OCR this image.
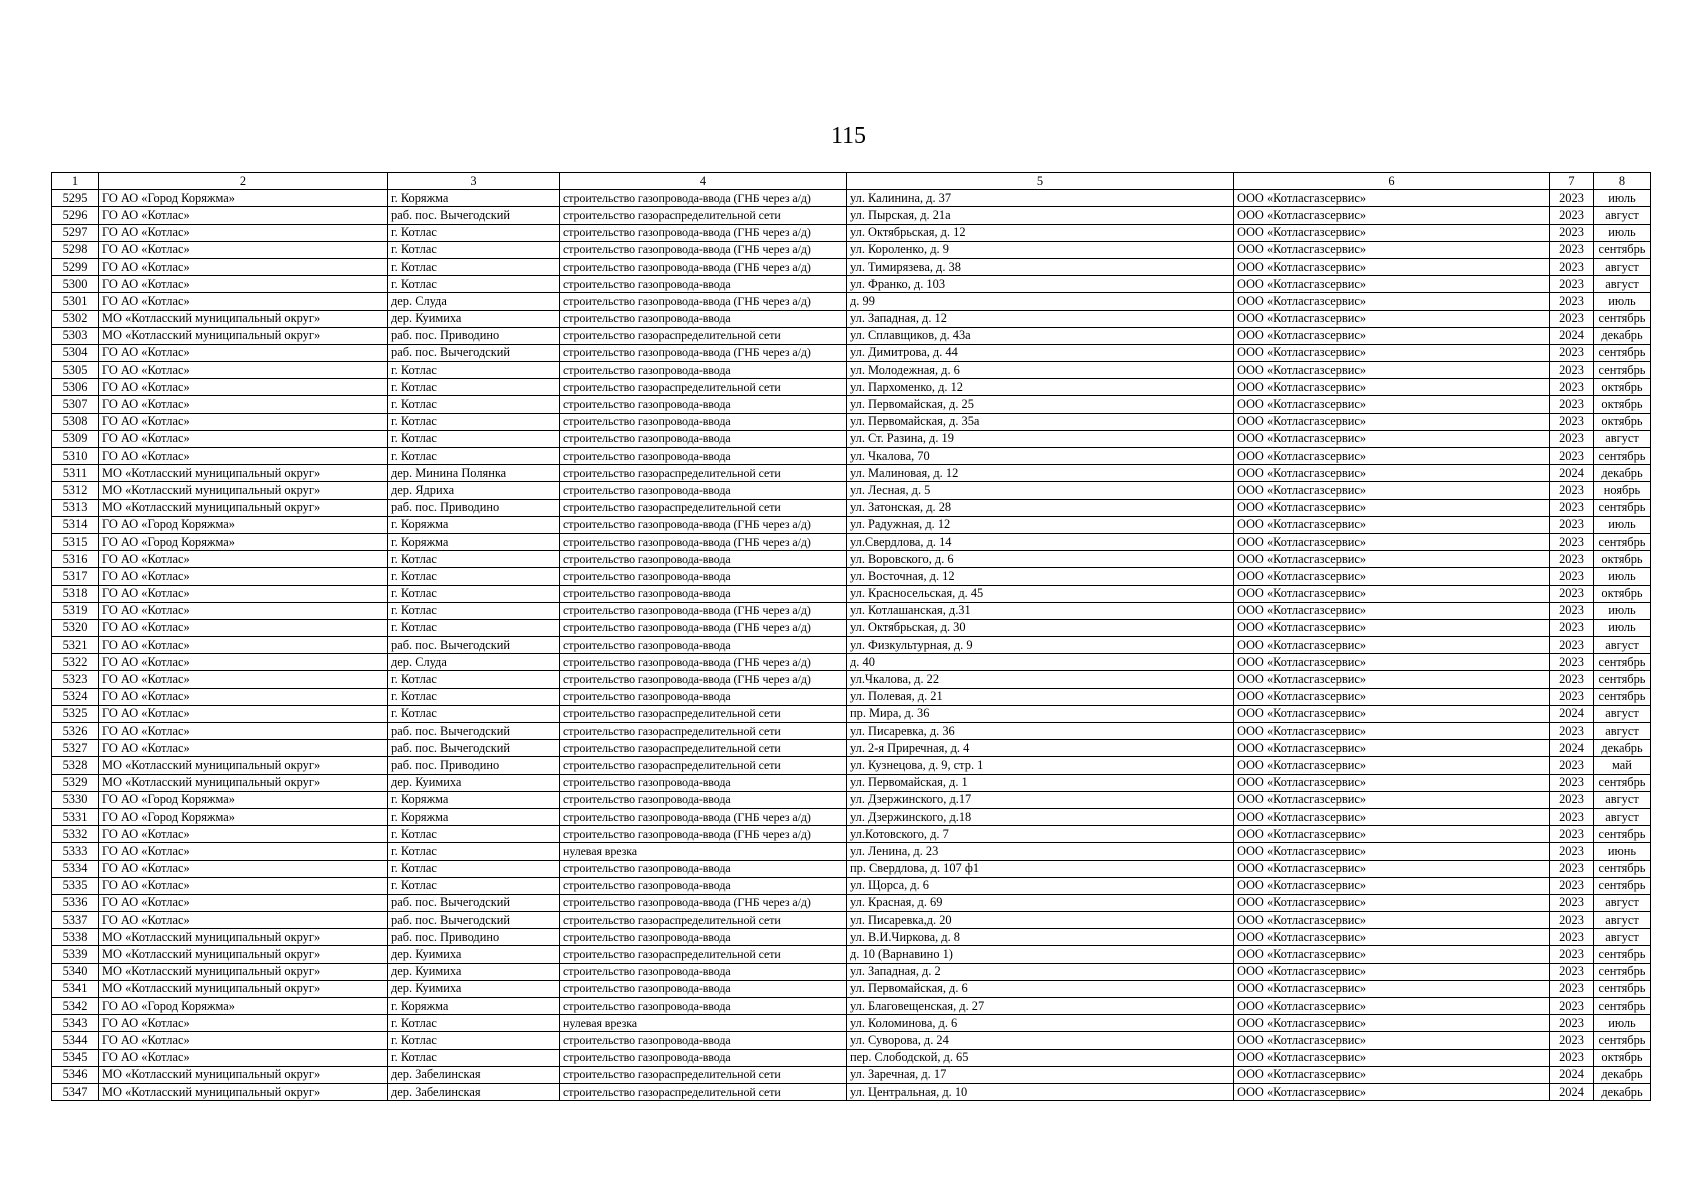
115
1	2	3	4	5	6	7	8
5295	ГО АО «Город Коряжма»	г. Коряжма	строительство газопровода-ввода (ГНБ через а/д)	ул. Калинина, д. 37	ООО «Котласгазсервис»	2023	июль
5296	ГО АО «Котлас»	раб. пос. Вычегодский	строительство газораспределительной сети	ул. Пырская, д. 21а	ООО «Котласгазсервис»	2023	август
5297	ГО АО «Котлас»	г. Котлас	строительство газопровода-ввода (ГНБ через а/д)	ул. Октябрьская, д. 12	ООО «Котласгазсервис»	2023	июль
5298	ГО АО «Котлас»	г. Котлас	строительство газопровода-ввода (ГНБ через а/д)	ул. Короленко, д. 9	ООО «Котласгазсервис»	2023	сентябрь
5299	ГО АО «Котлас»	г. Котлас	строительство газопровода-ввода (ГНБ через а/д)	ул. Тимирязева, д. 38	ООО «Котласгазсервис»	2023	август
5300	ГО АО «Котлас»	г. Котлас	строительство газопровода-ввода	ул. Франко, д. 103	ООО «Котласгазсервис»	2023	август
5301	ГО АО «Котлас»	дер. Слуда	строительство газопровода-ввода (ГНБ через а/д)	д. 99	ООО «Котласгазсервис»	2023	июль
5302	МО «Котласский муниципальный округ»	дер. Куимиха	строительство газопровода-ввода	ул. Западная, д. 12	ООО «Котласгазсервис»	2023	сентябрь
5303	МО «Котласский муниципальный округ»	раб. пос. Приводино	строительство газораспределительной сети	ул. Сплавщиков, д. 43а	ООО «Котласгазсервис»	2024	декабрь
5304	ГО АО «Котлас»	раб. пос. Вычегодский	строительство газопровода-ввода (ГНБ через а/д)	ул. Димитрова, д. 44	ООО «Котласгазсервис»	2023	сентябрь
5305	ГО АО «Котлас»	г. Котлас	строительство газопровода-ввода	ул. Молодежная, д. 6	ООО «Котласгазсервис»	2023	сентябрь
5306	ГО АО «Котлас»	г. Котлас	строительство газораспределительной сети	ул. Пархоменко, д. 12	ООО «Котласгазсервис»	2023	октябрь
5307	ГО АО «Котлас»	г. Котлас	строительство газопровода-ввода	ул. Первомайская, д. 25	ООО «Котласгазсервис»	2023	октябрь
5308	ГО АО «Котлас»	г. Котлас	строительство газопровода-ввода	ул. Первомайская, д. 35а	ООО «Котласгазсервис»	2023	октябрь
5309	ГО АО «Котлас»	г. Котлас	строительство газопровода-ввода	ул. Ст. Разина, д. 19	ООО «Котласгазсервис»	2023	август
5310	ГО АО «Котлас»	г. Котлас	строительство газопровода-ввода	ул. Чкалова, 70	ООО «Котласгазсервис»	2023	сентябрь
5311	МО «Котласский муниципальный округ»	дер. Минина Полянка	строительство газораспределительной сети	ул. Малиновая, д. 12	ООО «Котласгазсервис»	2024	декабрь
5312	МО «Котласский муниципальный округ»	дер. Ядриха	строительство газопровода-ввода	ул. Лесная, д. 5	ООО «Котласгазсервис»	2023	ноябрь
5313	МО «Котласский муниципальный округ»	раб. пос. Приводино	строительство газораспределительной сети	ул. Затонская, д. 28	ООО «Котласгазсервис»	2023	сентябрь
5314	ГО АО «Город Коряжма»	г. Коряжма	строительство газопровода-ввода (ГНБ через а/д)	ул. Радужная, д. 12	ООО «Котласгазсервис»	2023	июль
5315	ГО АО «Город Коряжма»	г. Коряжма	строительство газопровода-ввода (ГНБ через а/д)	ул.Свердлова, д. 14	ООО «Котласгазсервис»	2023	сентябрь
5316	ГО АО «Котлас»	г. Котлас	строительство газопровода-ввода	ул. Воровского, д. 6	ООО «Котласгазсервис»	2023	октябрь
5317	ГО АО «Котлас»	г. Котлас	строительство газопровода-ввода	ул. Восточная, д. 12	ООО «Котласгазсервис»	2023	июль
5318	ГО АО «Котлас»	г. Котлас	строительство газопровода-ввода	ул. Красносельская, д. 45	ООО «Котласгазсервис»	2023	октябрь
5319	ГО АО «Котлас»	г. Котлас	строительство газопровода-ввода (ГНБ через а/д)	ул. Котлашанская, д.31	ООО «Котласгазсервис»	2023	июль
5320	ГО АО «Котлас»	г. Котлас	строительство газопровода-ввода (ГНБ через а/д)	ул. Октябрьская, д. 30	ООО «Котласгазсервис»	2023	июль
5321	ГО АО «Котлас»	раб. пос. Вычегодский	строительство газопровода-ввода	ул. Физкультурная, д. 9	ООО «Котласгазсервис»	2023	август
5322	ГО АО «Котлас»	дер. Слуда	строительство газопровода-ввода (ГНБ через а/д)	д. 40	ООО «Котласгазсервис»	2023	сентябрь
5323	ГО АО «Котлас»	г. Котлас	строительство газопровода-ввода (ГНБ через а/д)	ул.Чкалова, д. 22	ООО «Котласгазсервис»	2023	сентябрь
5324	ГО АО «Котлас»	г. Котлас	строительство газопровода-ввода	ул. Полевая, д. 21	ООО «Котласгазсервис»	2023	сентябрь
5325	ГО АО «Котлас»	г. Котлас	строительство газораспределительной сети	пр. Мира, д. 36	ООО «Котласгазсервис»	2024	август
5326	ГО АО «Котлас»	раб. пос. Вычегодский	строительство газораспределительной сети	ул. Писаревка, д. 36	ООО «Котласгазсервис»	2023	август
5327	ГО АО «Котлас»	раб. пос. Вычегодский	строительство газораспределительной сети	ул. 2-я Приречная, д. 4	ООО «Котласгазсервис»	2024	декабрь
5328	МО «Котласский муниципальный округ»	раб. пос. Приводино	строительство газораспределительной сети	ул. Кузнецова, д. 9, стр. 1	ООО «Котласгазсервис»	2023	май
5329	МО «Котласский муниципальный округ»	дер. Куимиха	строительство газопровода-ввода	ул. Первомайская, д. 1	ООО «Котласгазсервис»	2023	сентябрь
5330	ГО АО «Город Коряжма»	г. Коряжма	строительство газопровода-ввода	ул. Дзержинского, д.17	ООО «Котласгазсервис»	2023	август
5331	ГО АО «Город Коряжма»	г. Коряжма	строительство газопровода-ввода (ГНБ через а/д)	ул. Дзержинского, д.18	ООО «Котласгазсервис»	2023	август
5332	ГО АО «Котлас»	г. Котлас	строительство газопровода-ввода (ГНБ через а/д)	ул.Котовского, д. 7	ООО «Котласгазсервис»	2023	сентябрь
5333	ГО АО «Котлас»	г. Котлас	нулевая врезка	ул. Ленина, д. 23	ООО «Котласгазсервис»	2023	июнь
5334	ГО АО «Котлас»	г. Котлас	строительство газопровода-ввода	пр. Свердлова, д. 107 ф1	ООО «Котласгазсервис»	2023	сентябрь
5335	ГО АО «Котлас»	г. Котлас	строительство газопровода-ввода	ул. Щорса, д. 6	ООО «Котласгазсервис»	2023	сентябрь
5336	ГО АО «Котлас»	раб. пос. Вычегодский	строительство газопровода-ввода (ГНБ через а/д)	ул. Красная, д. 69	ООО «Котласгазсервис»	2023	август
5337	ГО АО «Котлас»	раб. пос. Вычегодский	строительство газораспределительной сети	ул. Писаревка,д. 20	ООО «Котласгазсервис»	2023	август
5338	МО «Котласский муниципальный округ»	раб. пос. Приводино	строительство газопровода-ввода	ул. В.И.Чиркова, д. 8	ООО «Котласгазсервис»	2023	август
5339	МО «Котласский муниципальный округ»	дер. Куимиха	строительство газораспределительной сети	д. 10 (Варнавино 1)	ООО «Котласгазсервис»	2023	сентябрь
5340	МО «Котласский муниципальный округ»	дер. Куимиха	строительство газопровода-ввода	ул. Западная, д. 2	ООО «Котласгазсервис»	2023	сентябрь
5341	МО «Котласский муниципальный округ»	дер. Куимиха	строительство газопровода-ввода	ул. Первомайская, д. 6	ООО «Котласгазсервис»	2023	сентябрь
5342	ГО АО «Город Коряжма»	г. Коряжма	строительство газопровода-ввода	ул. Благовещенская, д. 27	ООО «Котласгазсервис»	2023	сентябрь
5343	ГО АО «Котлас»	г. Котлас	нулевая врезка	ул. Коломинова, д. 6	ООО «Котласгазсервис»	2023	июль
5344	ГО АО «Котлас»	г. Котлас	строительство газопровода-ввода	ул. Суворова, д. 24	ООО «Котласгазсервис»	2023	сентябрь
5345	ГО АО «Котлас»	г. Котлас	строительство газопровода-ввода	пер. Слободской, д. 65	ООО «Котласгазсервис»	2023	октябрь
5346	МО «Котласский муниципальный округ»	дер. Забелинская	строительство газораспределительной сети	ул. Заречная, д. 17	ООО «Котласгазсервис»	2024	декабрь
5347	МО «Котласский муниципальный округ»	дер. Забелинская	строительство газораспределительной сети	ул. Центральная, д. 10	ООО «Котласгазсервис»	2024	декабрь
